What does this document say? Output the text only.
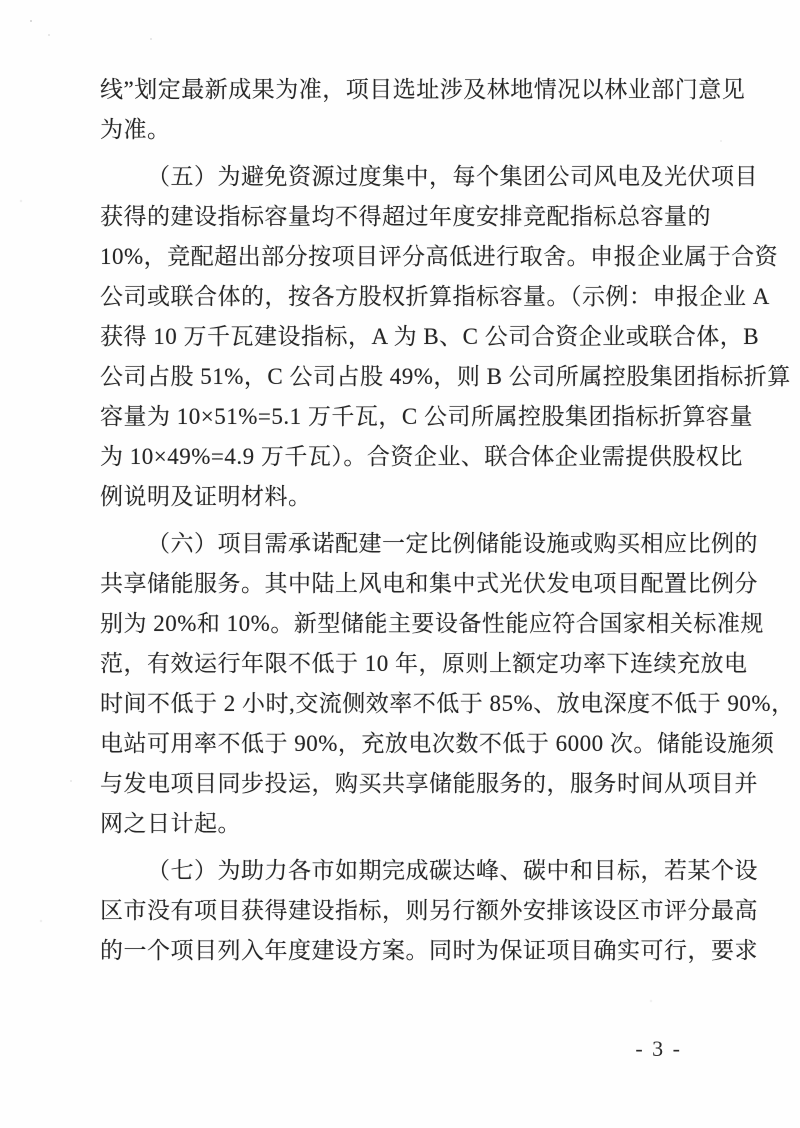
线”划定最新成果为准，项目选址涉及林地情况以林业部门意见
为准。
（五）为避免资源过度集中，每个集团公司风电及光伏项目
获得的建设指标容量均不得超过年度安排竞配指标总容量的
10%，竞配超出部分按项目评分高低进行取舍。申报企业属于合资
公司或联合体的，按各方股权折算指标容量。（示例：申报企业 A
获得 10 万千瓦建设指标，A 为 B、C 公司合资企业或联合体，B
公司占股 51%，C 公司占股 49%，则 B 公司所属控股集团指标折算
容量为 10×51%=5.1 万千瓦，C 公司所属控股集团指标折算容量
为 10×49%=4.9 万千瓦）。合资企业、联合体企业需提供股权比
例说明及证明材料。
（六）项目需承诺配建一定比例储能设施或购买相应比例的
共享储能服务。其中陆上风电和集中式光伏发电项目配置比例分
别为 20%和 10%。新型储能主要设备性能应符合国家相关标准规
范，有效运行年限不低于 10 年，原则上额定功率下连续充放电
时间不低于 2 小时,交流侧效率不低于 85%、放电深度不低于 90%，
电站可用率不低于 90%，充放电次数不低于 6000 次。储能设施须
与发电项目同步投运，购买共享储能服务的，服务时间从项目并
网之日计起。
（七）为助力各市如期完成碳达峰、碳中和目标，若某个设
区市没有项目获得建设指标，则另行额外安排该设区市评分最高
的一个项目列入年度建设方案。同时为保证项目确实可行，要求
- 3 -
